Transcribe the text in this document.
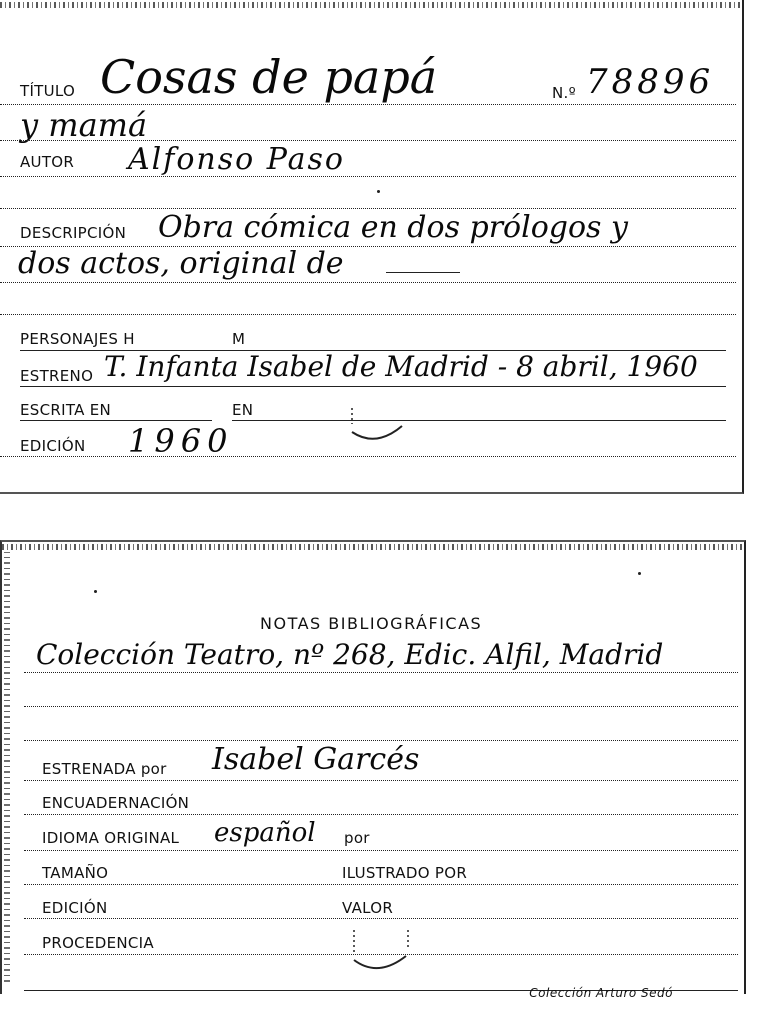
TÍTULO Cosas de papá	N.º 78896
y mamá
AUTOR Alfonso Paso
DESCRIPCIÓN Obra cómica en dos prólogos y
dos actos, original de
PERSONAJES H	M
ESTRENO T. Infanta Isabel de Madrid - 8 abril, 1960
ESCRITA EN	EN
EDICIÓN 1960
NOTAS BIBLIOGRÁFICAS
Colección Teatro, nº 268, Edic. Alfil, Madrid
ESTRENADA por Isabel Garcés
ENCUADERNACIÓN
IDIOMA ORIGINAL español por
TAMAÑO	ILUSTRADO POR
EDICIÓN	VALOR
PROCEDENCIA
Colección Arturo Sedó
